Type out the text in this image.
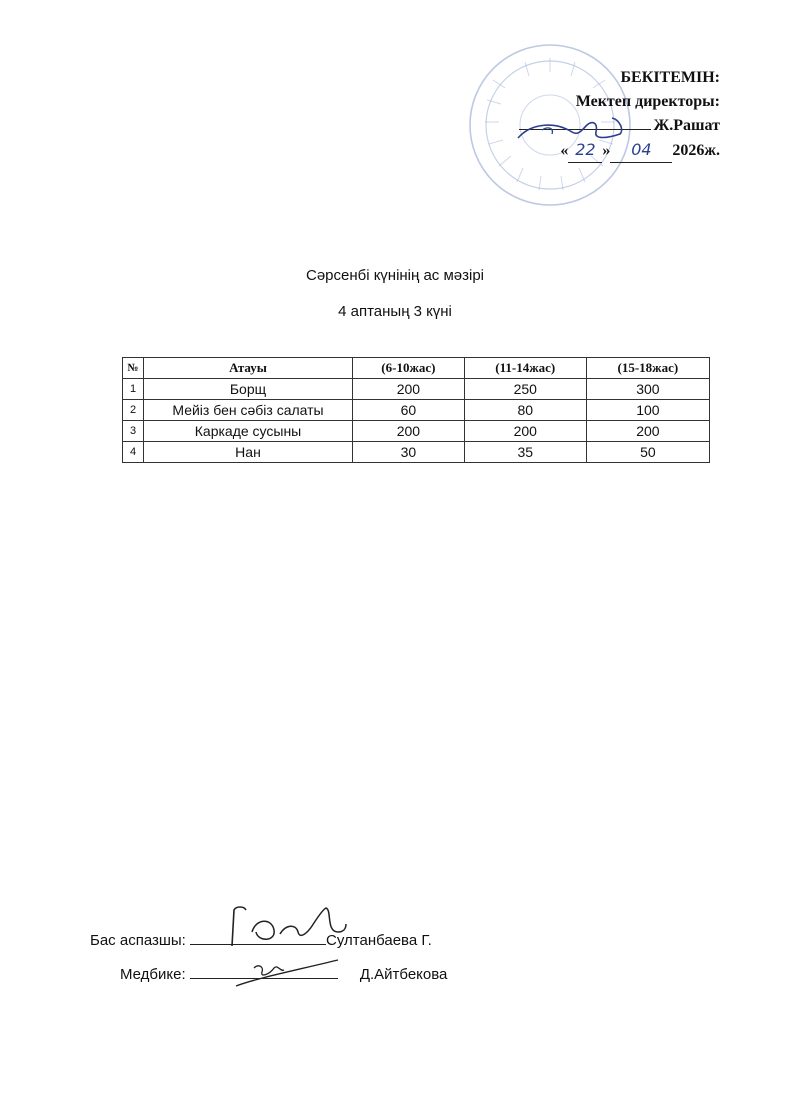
БЕКІТЕМІН:
Мектеп директоры:
Ж.Рашат
« 22 » 04 2026ж.
Сәрсенбі күнінің ас мәзірі
4 аптаның 3 күні
№	Атауы	(6-10жас)	(11-14жас)	(15-18жас)
1	Борщ	200	250	300
2	Мейіз бен сәбіз салаты	60	80	100
3	Каркаде сусыны	200	200	200
4	Нан	30	35	50
Бас аспазшы:	Султанбаева Г.
Медбике:	Д.Айтбекова
